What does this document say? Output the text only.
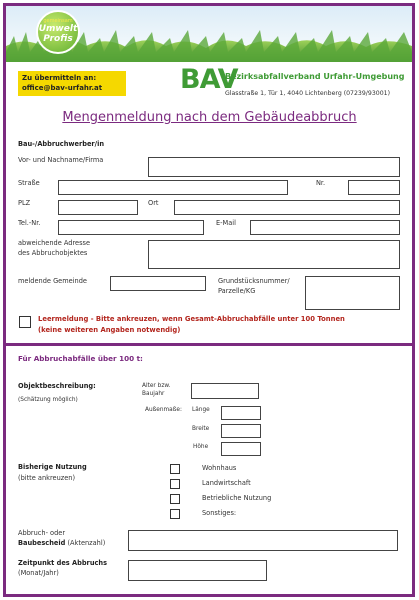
gemeinsam
Umwelt
Profis
Zu übermitteln an:
office@bav-urfahr.at	BAV
Bezirksabfallverband Urfahr-Umgebung
Glasstraße 1, Tür 1, 4040 Lichtenberg (07239/93001)
Mengenmeldung nach dem Gebäudeabbruch
Bau-/Abbruchwerber/in
Vor- und Nachname/Firma
Straße	Nr.
PLZ	Ort
Tel.-Nr.	E-Mail
abweichende Adresse
des Abbruchobjektes
meldende Gemeinde	Grundstücksnummer/
Parzelle/KG
Leermeldung - Bitte ankreuzen, wenn Gesamt-Abbruchabfälle unter 100 Tonnen
(keine weiteren Angaben notwendig)
Für Abbruchabfälle über 100 t:
Objektbeschreibung:
(Schätzung möglich)
Alter bzw.
Baujahr
Außenmaße: Länge
Breite
Höhe
Bisherige Nutzung
(bitte ankreuzen)
Wohnhaus
Landwirtschaft
Betriebliche Nutzung
Sonstiges:
Abbruch- oder
Baubescheid (Aktenzahl)
Zeitpunkt des Abbruchs
(Monat/Jahr)
